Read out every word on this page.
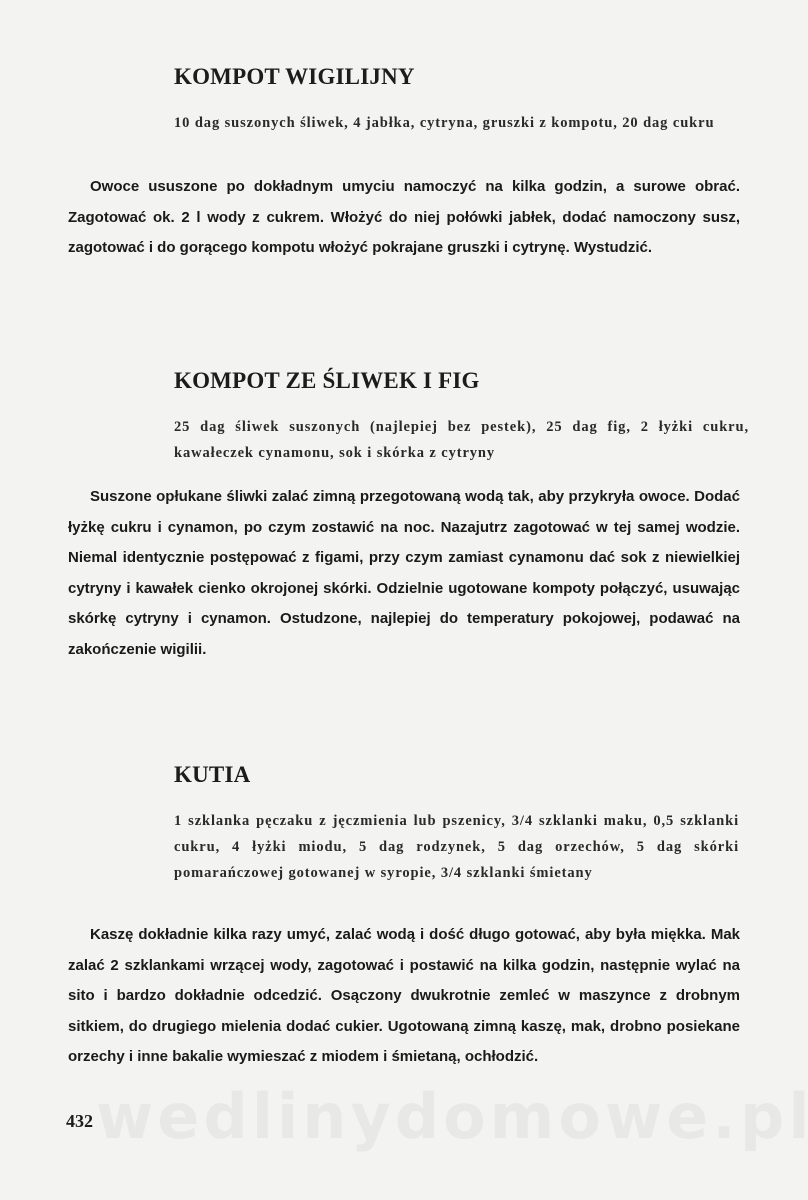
KOMPOT WIGILIJNY

10 dag suszonych śliwek, 4 jabłka, cytryna, gruszki z kompotu, 20 dag cukru

Owoce ususzone po dokładnym umyciu namoczyć na kilka godzin, a surowe obrać. Zagotować ok. 2 l wody z cukrem. Włożyć do niej połówki jabłek, dodać namoczony susz, zagotować i do gorącego kompotu włożyć pokrajane gruszki i cytrynę. Wystudzić.

KOMPOT ZE ŚLIWEK I FIG

25 dag śliwek suszonych (najlepiej bez pestek), 25 dag fig, 2 łyżki cukru, kawałeczek cynamonu, sok i skórka z cytryny

Suszone opłukane śliwki zalać zimną przegotowaną wodą tak, aby przykryła owoce. Dodać łyżkę cukru i cynamon, po czym zostawić na noc. Nazajutrz zagotować w tej samej wodzie. Niemal identycznie postępować z figami, przy czym zamiast cynamonu dać sok z niewielkiej cytryny i kawałek cienko okrojonej skórki. Odzielnie ugotowane kompoty połączyć, usuwając skórkę cytryny i cynamon. Ostudzone, najlepiej do temperatury pokojowej, podawać na zakończenie wigilii.

KUTIA

1 szklanka pęczaku z jęczmienia lub pszenicy, 3/4 szklanki maku, 0,5 szklanki cukru, 4 łyżki miodu, 5 dag rodzynek, 5 dag orzechów, 5 dag skórki pomarańczowej gotowanej w syropie, 3/4 szklanki śmietany

Kaszę dokładnie kilka razy umyć, zalać wodą i dość długo gotować, aby była miękka. Mak zalać 2 szklankami wrzącej wody, zagotować i postawić na kilka godzin, następnie wylać na sito i bardzo dokładnie odcedzić. Osączony dwukrotnie zemleć w maszynce z drobnym sitkiem, do drugiego mielenia dodać cukier. Ugotowaną zimną kaszę, mak, drobno posiekane orzechy i inne bakalie wymieszać z miodem i śmietaną, ochłodzić.

432
